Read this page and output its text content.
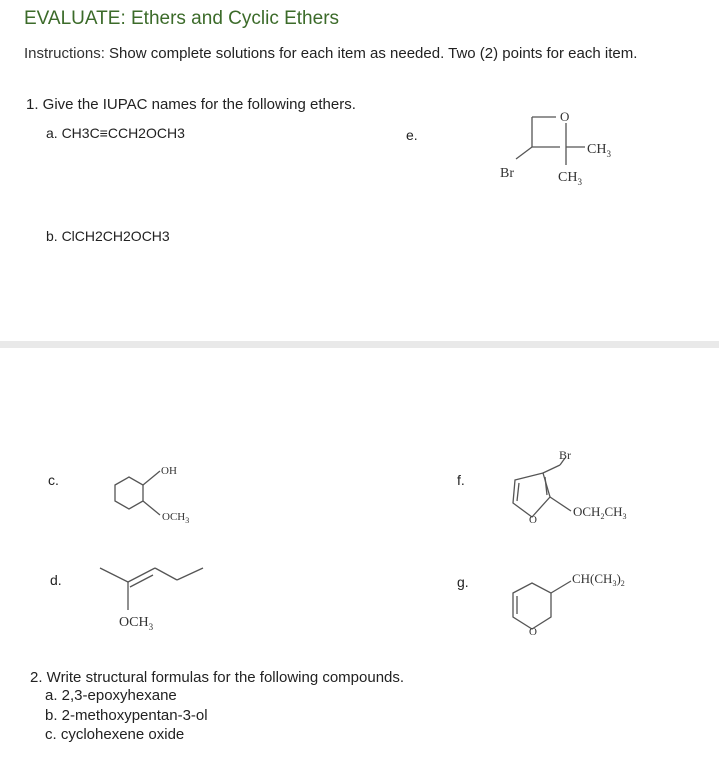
EVALUATE: Ethers and Cyclic Ethers
Instructions: Show complete solutions for each item as needed. Two (2) points for each item.
1. Give the IUPAC names for the following ethers.
a. CH3C≡CCH2OCH3	e.
b. ClCH2CH2OCH3
O
Br
$CH_3$
$CH_3$
c.	f.
d.	g.
OH
$OCH_3$
$OCH_3$
Br
O
$OCH_2CH_3$
O
$CH(CH_3)_2$
2. Write structural formulas for the following compounds.
a. 2,3-epoxyhexane
b. 2-methoxypentan-3-ol
c. cyclohexene oxide
